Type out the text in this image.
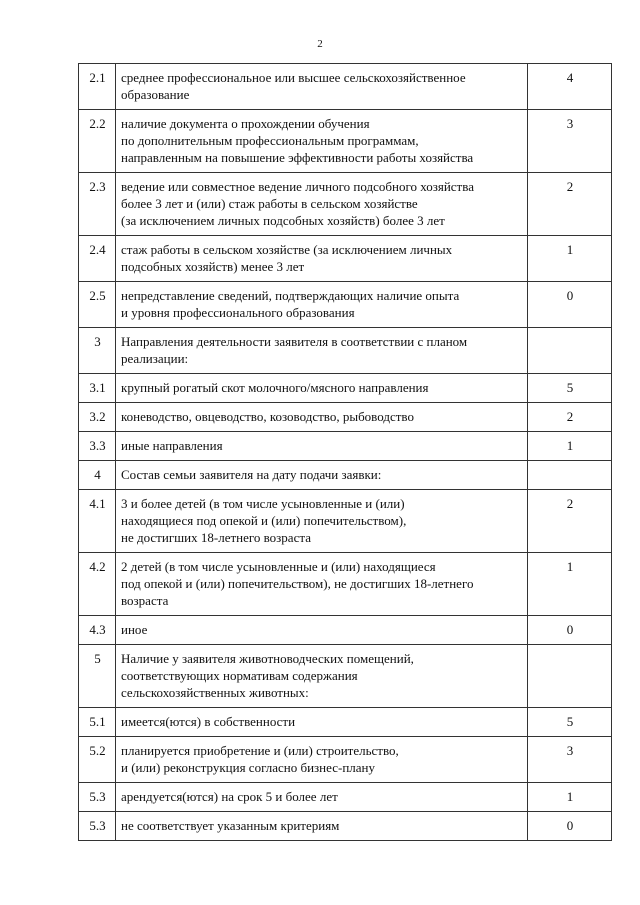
2
2.1	среднее профессиональное или высшее сельскохозяйственное
образование	4
2.2	наличие документа о прохождении обучения
по дополнительным профессиональным программам,
направленным на повышение эффективности работы хозяйства	3
2.3	ведение или совместное ведение личного подсобного хозяйства
более 3 лет и (или) стаж работы в сельском хозяйстве
(за исключением личных подсобных хозяйств) более 3 лет	2
2.4	стаж работы в сельском хозяйстве (за исключением личных
подсобных хозяйств) менее 3 лет	1
2.5	непредставление сведений, подтверждающих наличие опыта
и уровня профессионального образования	0
3	Направления деятельности заявителя в соответствии с планом
реализации:	
3.1	крупный рогатый скот молочного/мясного направления	5
3.2	коневодство, овцеводство, козоводство, рыбоводство	2
3.3	иные направления	1
4	Состав семьи заявителя на дату подачи заявки:	
4.1	3 и более детей (в том числе усыновленные и (или)
находящиеся под опекой и (или) попечительством),
не достигших 18-летнего возраста	2
4.2	2 детей (в том числе усыновленные и (или) находящиеся
под опекой и (или) попечительством), не достигших 18-летнего
возраста	1
4.3	иное	0
5	Наличие у заявителя животноводческих помещений,
соответствующих нормативам содержания
сельскохозяйственных животных:	
5.1	имеется(ются) в собственности	5
5.2	планируется приобретение и (или) строительство,
и (или) реконструкция согласно бизнес-плану	3
5.3	арендуется(ются) на срок 5 и более лет	1
5.3	не соответствует указанным критериям	0
